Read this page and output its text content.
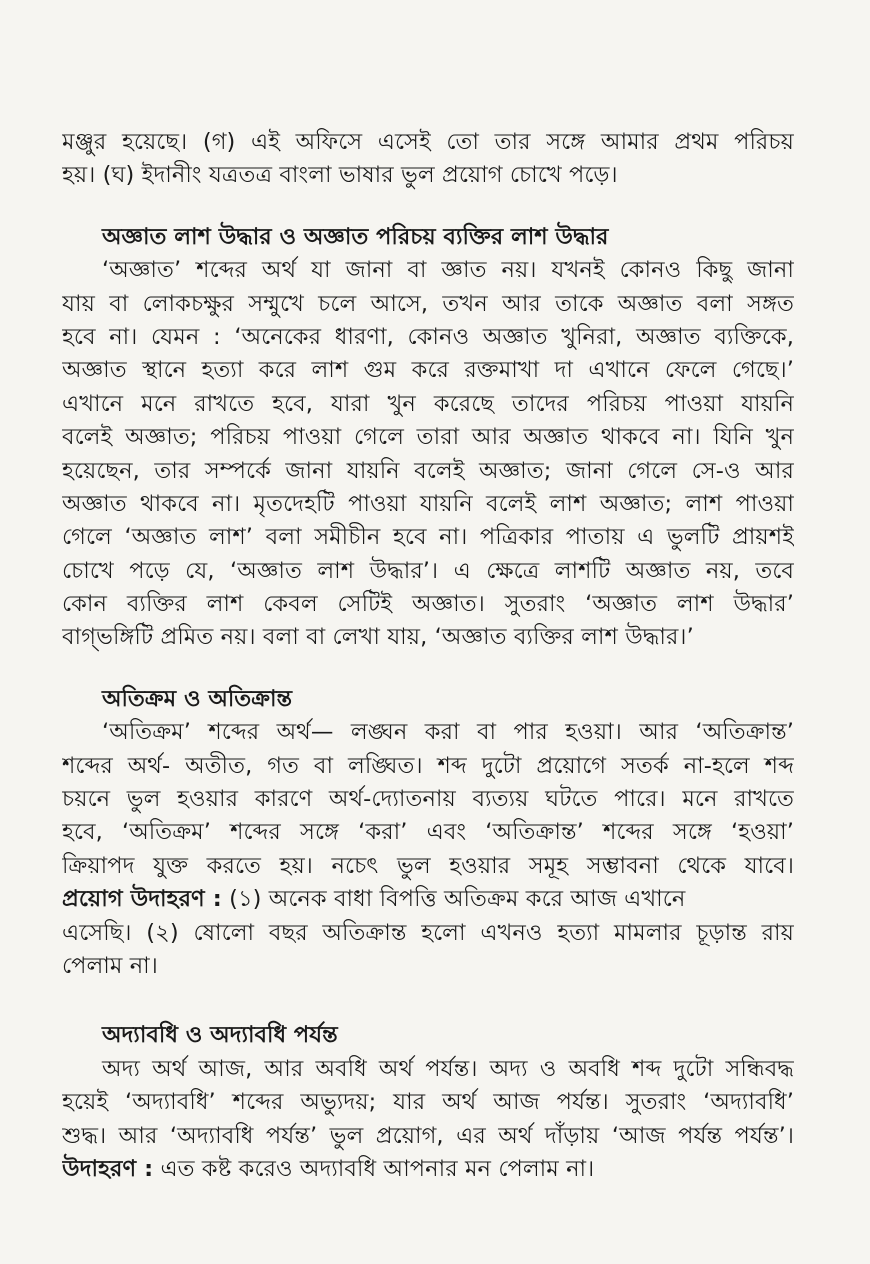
মঞ্জুর হয়েছে। (গ) এই অফিসে এসেই তো তার সঙ্গে আমার প্রথম পরিচয়
হয়। (ঘ) ইদানীং যত্রতত্র বাংলা ভাষার ভুল প্রয়োগ চোখে পড়ে।
অজ্ঞাত লাশ উদ্ধার ও অজ্ঞাত পরিচয় ব্যক্তির লাশ উদ্ধার
‘অজ্ঞাত’ শব্দের অর্থ যা জানা বা জ্ঞাত নয়। যখনই কোনও কিছু জানা
যায় বা লোকচক্ষুর সম্মুখে চলে আসে, তখন আর তাকে অজ্ঞাত বলা সঙ্গত
হবে না। যেমন : ‘অনেকের ধারণা, কোনও অজ্ঞাত খুনিরা, অজ্ঞাত ব্যক্তিকে,
অজ্ঞাত স্থানে হত্যা করে লাশ গুম করে রক্তমাখা দা এখানে ফেলে গেছে।’
এখানে মনে রাখতে হবে, যারা খুন করেছে তাদের পরিচয় পাওয়া যায়নি
বলেই অজ্ঞাত; পরিচয় পাওয়া গেলে তারা আর অজ্ঞাত থাকবে না। যিনি খুন
হয়েছেন, তার সম্পর্কে জানা যায়নি বলেই অজ্ঞাত; জানা গেলে সে-ও আর
অজ্ঞাত থাকবে না। মৃতদেহটি পাওয়া যায়নি বলেই লাশ অজ্ঞাত; লাশ পাওয়া
গেলে ‘অজ্ঞাত লাশ’ বলা সমীচীন হবে না। পত্রিকার পাতায় এ ভুলটি প্রায়শই
চোখে পড়ে যে, ‘অজ্ঞাত লাশ উদ্ধার’। এ ক্ষেত্রে লাশটি অজ্ঞাত নয়, তবে
কোন ব্যক্তির লাশ কেবল সেটিই অজ্ঞাত। সুতরাং ‘অজ্ঞাত লাশ উদ্ধার’
বাগ্‌ভঙ্গিটি প্রমিত নয়। বলা বা লেখা যায়, ‘অজ্ঞাত ব্যক্তির লাশ উদ্ধার।’
অতিক্রম ও অতিক্রান্ত
‘অতিক্রম’ শব্দের অর্থ— লঙ্ঘন করা বা পার হওয়া। আর ‘অতিক্রান্ত’
শব্দের অর্থ- অতীত, গত বা লঙ্ঘিত। শব্দ দুটো প্রয়োগে সতর্ক না-হলে শব্দ
চয়নে ভুল হওয়ার কারণে অর্থ-দ্যোতনায় ব্যত্যয় ঘটতে পারে। মনে রাখতে
হবে, ‘অতিক্রম’ শব্দের সঙ্গে ‘করা’ এবং ‘অতিক্রান্ত’ শব্দের সঙ্গে ‘হওয়া’
ক্রিয়াপদ যুক্ত করতে হয়। নচেৎ ভুল হওয়ার সমূহ সম্ভাবনা থেকে যাবে।
প্রয়োগ উদাহরণ : (১) অনেক বাধা বিপত্তি অতিক্রম করে আজ এখানে
এসেছি। (২) ষোলো বছর অতিক্রান্ত হলো এখনও হত্যা মামলার চূড়ান্ত রায়
পেলাম না।
অদ্যাবধি ও অদ্যাবধি পর্যন্ত
অদ্য অর্থ আজ, আর অবধি অর্থ পর্যন্ত। অদ্য ও অবধি শব্দ দুটো সন্ধিবদ্ধ
হয়েই ‘অদ্যাবধি’ শব্দের অভ্যুদয়; যার অর্থ আজ পর্যন্ত। সুতরাং ‘অদ্যাবধি’
শুদ্ধ। আর ‘অদ্যাবধি পর্যন্ত’ ভুল প্রয়োগ, এর অর্থ দাঁড়ায় ‘আজ পর্যন্ত পর্যন্ত’।
উদাহরণ : এত কষ্ট করেও অদ্যাবধি আপনার মন পেলাম না।
